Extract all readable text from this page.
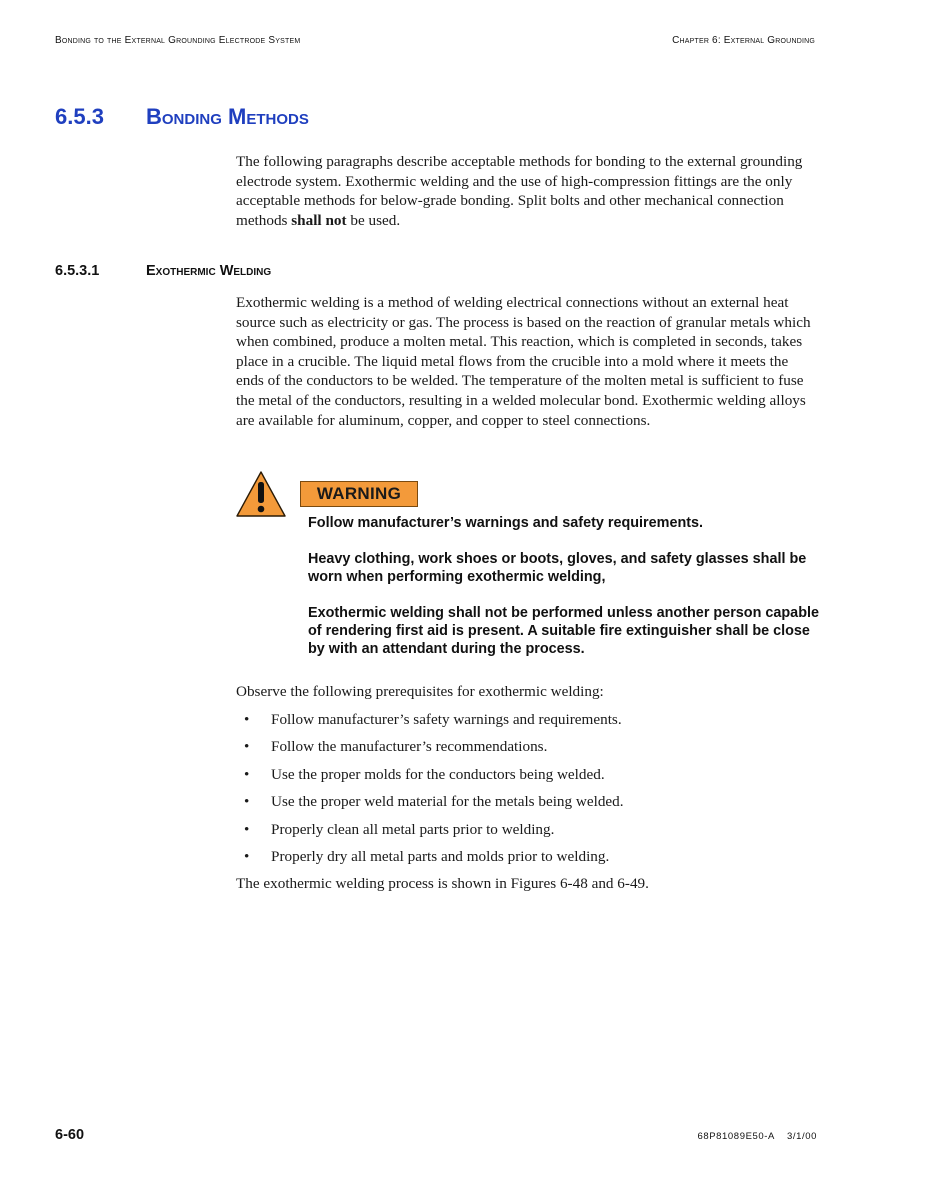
Bonding to the External Grounding Electrode System	Chapter 6: External Grounding
6.5.3 Bonding Methods
The following paragraphs describe acceptable methods for bonding to the external grounding electrode system. Exothermic welding and the use of high-compression fittings are the only acceptable methods for below-grade bonding. Split bolts and other mechanical connection methods shall not be used.
6.5.3.1	Exothermic Welding
Exothermic welding is a method of welding electrical connections without an external heat source such as electricity or gas. The process is based on the reaction of granular metals which when combined, produce a molten metal. This reaction, which is completed in seconds, takes place in a crucible. The liquid metal flows from the crucible into a mold where it meets the ends of the conductors to be welded. The temperature of the molten metal is sufficient to fuse the metal of the conductors, resulting in a welded molecular bond. Exothermic welding alloys are available for aluminum, copper, and copper to steel connections.
WARNING
Follow manufacturer’s warnings and safety requirements.
Heavy clothing, work shoes or boots, gloves, and safety glasses shall be worn when performing exothermic welding,
Exothermic welding shall not be performed unless another person capable of rendering first aid is present. A suitable fire extinguisher shall be close by with an attendant during the process.
Observe the following prerequisites for exothermic welding:
• Follow manufacturer’s safety warnings and requirements.
• Follow the manufacturer’s recommendations.
• Use the proper molds for the conductors being welded.
• Use the proper weld material for the metals being welded.
• Properly clean all metal parts prior to welding.
• Properly dry all metal parts and molds prior to welding.
The exothermic welding process is shown in Figures 6-48 and 6-49.
6-60	68P81089E50-A 3/1/00
